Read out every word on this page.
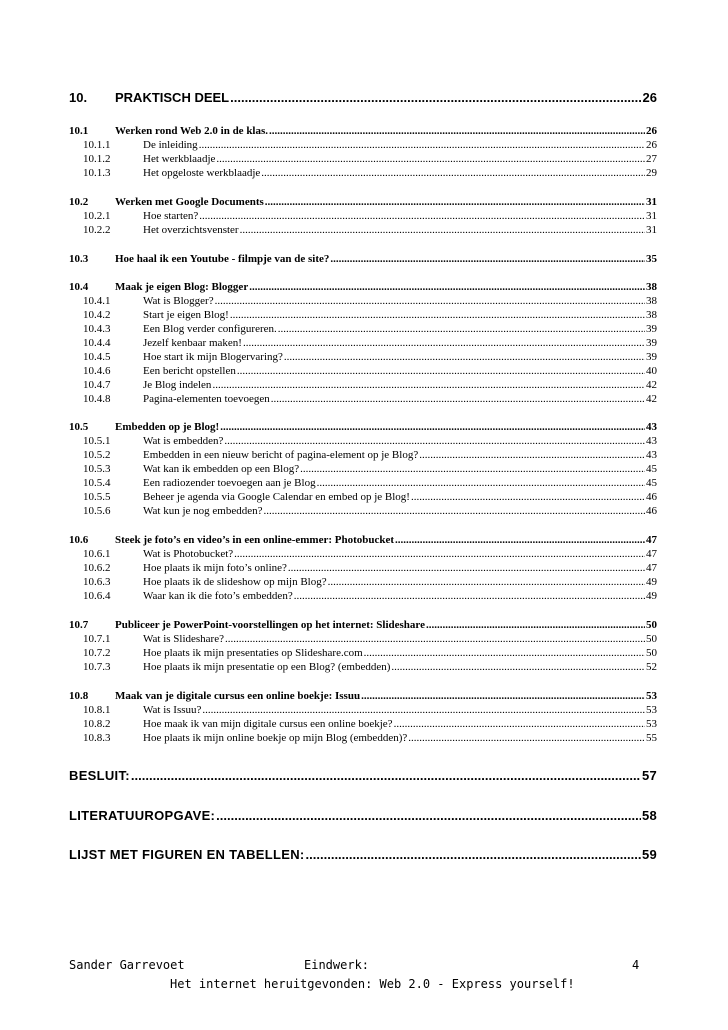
10.	PRAKTISCH DEEL .....	26
10.1	Werken rond Web 2.0 in de klas. .....	26
10.1.1	De inleiding .....	26
10.1.2	Het werkblaadje .....	27
10.1.3	Het opgeloste werkblaadje .....	29
10.2	Werken met Google Documents .....	31
10.2.1	Hoe starten? .....	31
10.2.2	Het overzichtsvenster .....	31
10.3	Hoe haal ik een Youtube - filmpje van de site? .....	35
10.4	Maak je eigen Blog: Blogger .....	38
10.4.1	Wat is Blogger? .....	38
10.4.2	Start je eigen Blog! .....	38
10.4.3	Een Blog verder configureren. .....	39
10.4.4	Jezelf kenbaar maken! .....	39
10.4.5	Hoe start ik mijn Blogervaring? .....	39
10.4.6	Een bericht opstellen .....	40
10.4.7	Je Blog indelen .....	42
10.4.8	Pagina-elementen toevoegen .....	42
10.5	Embedden op je Blog! .....	43
10.5.1	Wat is embedden? .....	43
10.5.2	Embedden in een nieuw bericht of pagina-element op je Blog? .....	43
10.5.3	Wat kan ik embedden op een Blog? .....	45
10.5.4	Een radiozender toevoegen aan je Blog .....	45
10.5.5	Beheer je agenda via Google Calendar en embed op je Blog! .....	46
10.5.6	Wat kun je nog embedden? .....	46
10.6	Steek je foto’s en video’s in een online-emmer: Photobucket .....	47
10.6.1	Wat is Photobucket? .....	47
10.6.2	Hoe plaats ik mijn foto’s online? .....	47
10.6.3	Hoe plaats ik de slideshow op mijn Blog? .....	49
10.6.4	Waar kan ik die foto’s embedden? .....	49
10.7	Publiceer je PowerPoint-voorstellingen op het internet: Slideshare .....	50
10.7.1	Wat is Slideshare? .....	50
10.7.2	Hoe plaats ik mijn presentaties op Slideshare.com .....	50
10.7.3	Hoe plaats ik mijn presentatie op een Blog? (embedden) .....	52
10.8	Maak van je digitale cursus een online boekje: Issuu .....	53
10.8.1	Wat is Issuu? .....	53
10.8.2	Hoe maak ik van mijn digitale cursus een online boekje? .....	53
10.8.3	Hoe plaats ik mijn online boekje op mijn Blog (embedden)? .....	55
BESLUIT: .....	57
LITERATUUROPGAVE: .....	58
LIJST MET FIGUREN EN TABELLEN: .....	59
Sander Garrevoet	Eindwerk:	4
Het internet heruitgevonden: Web 2.0 - Express yourself!
